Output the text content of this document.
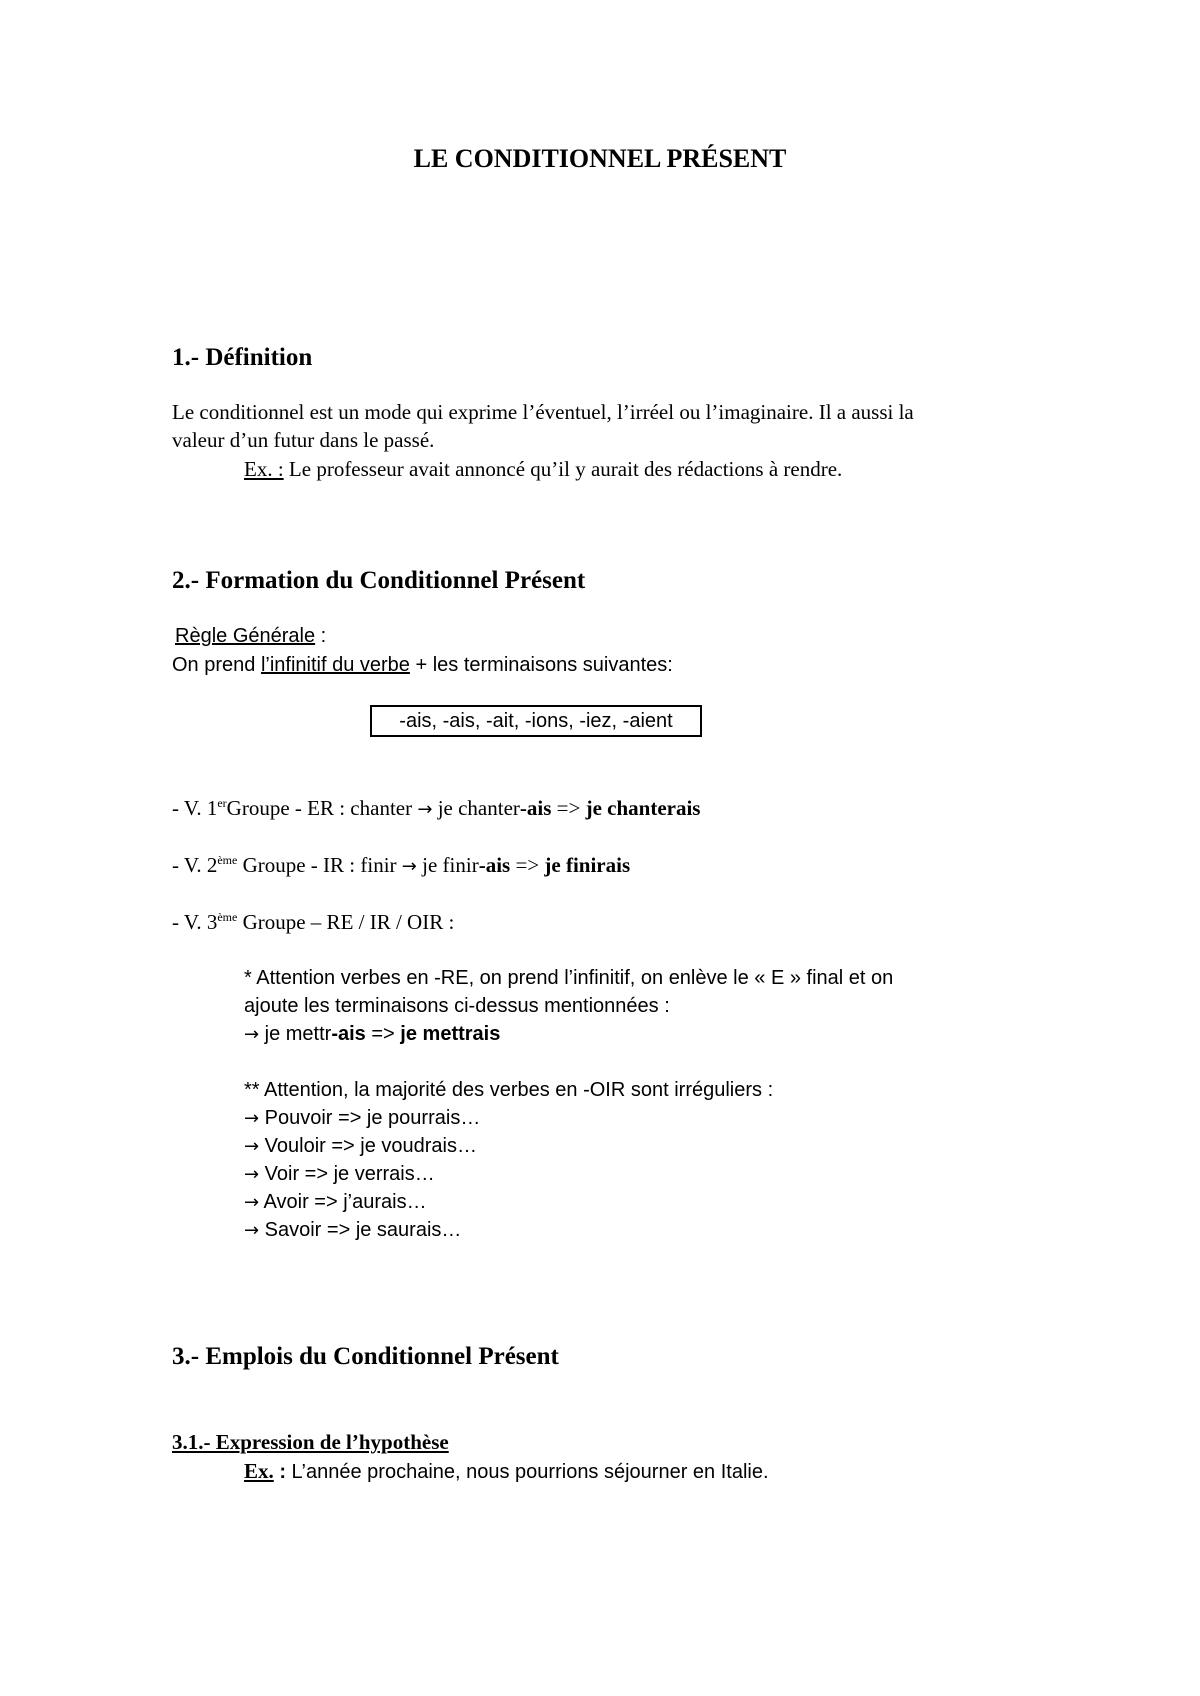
LE CONDITIONNEL PRÉSENT
1.- Définition
Le conditionnel est un mode qui exprime l’éventuel, l’irréel ou l’imaginaire. Il a aussi la
valeur d’un futur dans le passé.
Ex. : Le professeur avait annoncé qu’il y aurait des rédactions à rendre.
2.- Formation du Conditionnel Présent
Règle Générale :
On prend l’infinitif du verbe + les terminaisons suivantes:
-ais, -ais, -ait, -ions, -iez, -aient
- V. 1erGroupe - ER : chanter → je chanter-ais => je chanterais
- V. 2ème Groupe - IR : finir → je finir-ais => je finirais
- V. 3ème Groupe – RE / IR / OIR :
* Attention verbes en -RE, on prend l’infinitif, on enlève le « E » final et on
ajoute les terminaisons ci-dessus mentionnées :
→ je mettr-ais => je mettrais
** Attention, la majorité des verbes en -OIR sont irréguliers :
→ Pouvoir => je pourrais…
→ Vouloir => je voudrais…
→ Voir => je verrais…
→ Avoir => j’aurais…
→ Savoir => je saurais…
3.- Emplois du Conditionnel Présent
3.1.- Expression de l’hypothèse
Ex. : L’année prochaine, nous pourrions séjourner en Italie.
